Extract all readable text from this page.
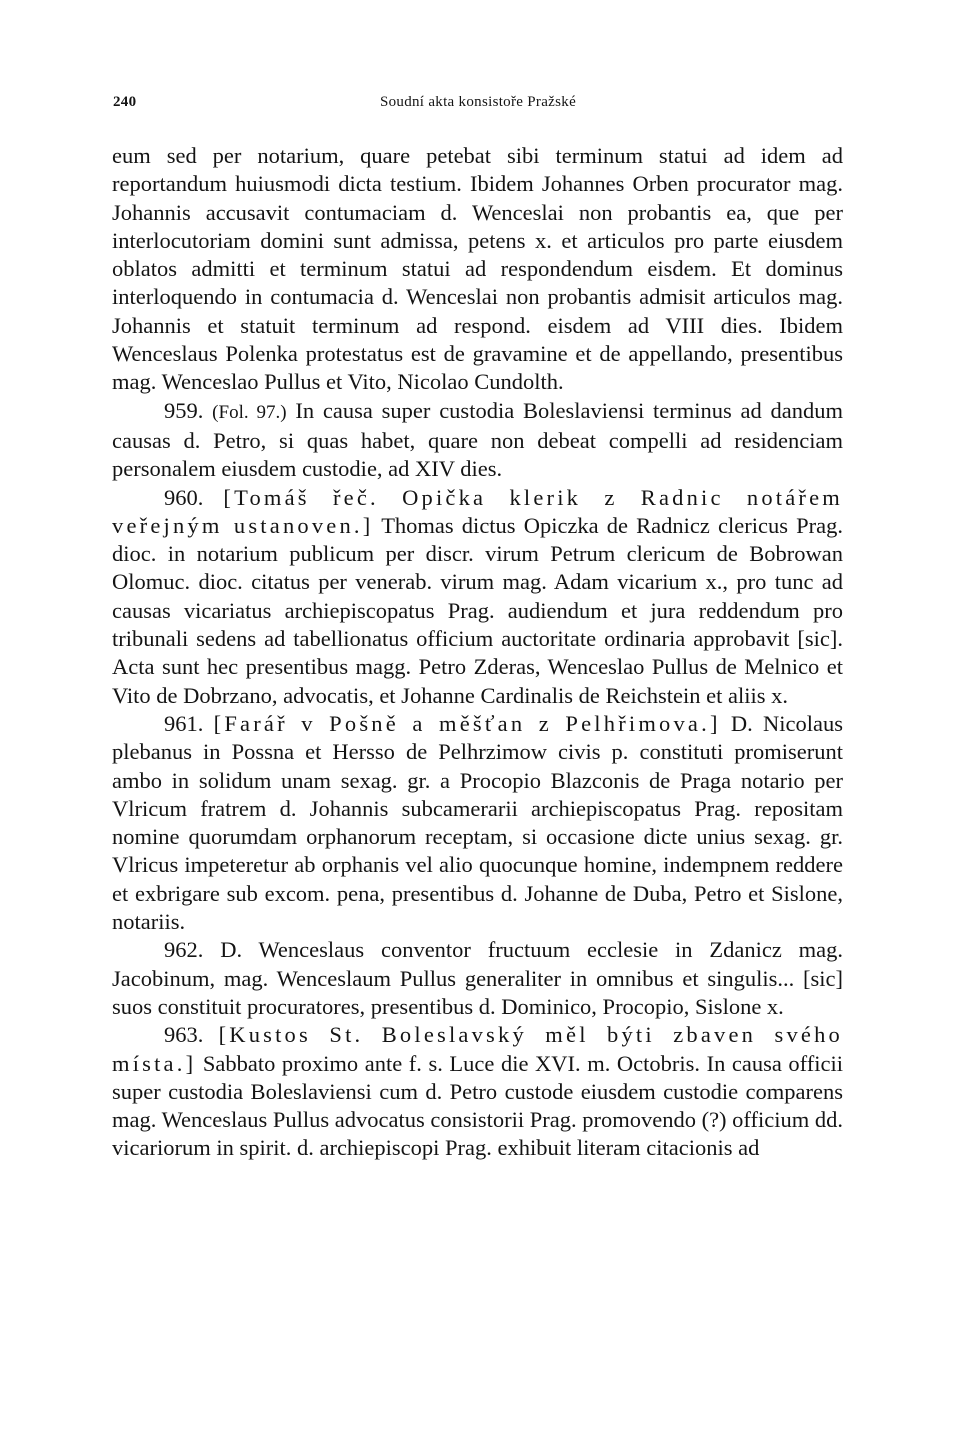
240	Soudní akta konsistoře Pražské

eum sed per notarium, quare petebat sibi terminum statui ad idem ad reportandum huiusmodi dicta testium. Ibidem Johannes Orben procurator mag. Johannis accusavit contumaciam d. Wenceslai non probantis ea, que per interlocutoriam domini sunt admissa, petens x. et articulos pro parte eiusdem oblatos admitti et terminum statui ad respondendum eisdem. Et dominus interloquendo in contumacia d. Wenceslai non probantis admisit articulos mag. Johannis et statuit terminum ad respond. eisdem ad VIII dies. Ibidem Wenceslaus Polenka protestatus est de gravamine et de appellando, presentibus mag. Wenceslao Pullus et Vito, Nicolao Cundolth.

959. (Fol. 97.) In causa super custodia Boleslaviensi terminus ad dandum causas d. Petro, si quas habet, quare non debeat compelli ad residenciam personalem eiusdem custodie, ad XIV dies.

960. [Tomáš řeč. Opička klerik z Radnic notářem veřejným ustanoven.] Thomas dictus Opiczka de Radnicz clericus Prag. dioc. in notarium publicum per discr. virum Petrum clericum de Bobrowan Olomuc. dioc. citatus per venerab. virum mag. Adam vicarium x., pro tunc ad causas vicariatus archiepiscopatus Prag. audiendum et jura reddendum pro tribunali sedens ad tabellionatus officium auctoritate ordinaria approbavit [sic]. Acta sunt hec presentibus magg. Petro Zderas, Wenceslao Pullus de Melnico et Vito de Dobrzano, advocatis, et Johanne Cardinalis de Reichstein et aliis x.

961. [Farář v Pošně a měšťan z Pelhřimova.] D. Nicolaus plebanus in Possna et Hersso de Pelhrzimow civis p. constituti promiserunt ambo in solidum unam sexag. gr. a Procopio Blazconis de Praga notario per Vlricum fratrem d. Johannis subcamerarii archiepiscopatus Prag. repositam nomine quorumdam orphanorum receptam, si occasione dicte unius sexag. gr. Vlricus impeteretur ab orphanis vel alio quocunque homine, indempnem reddere et exbrigare sub excom. pena, presentibus d. Johanne de Duba, Petro et Sislone, notariis.

962. D. Wenceslaus conventor fructuum ecclesie in Zdanicz mag. Jacobinum, mag. Wenceslaum Pullus generaliter in omnibus et singulis... [sic] suos constituit procuratores, presentibus d. Dominico, Procopio, Sislone x.

963. [Kustos St. Boleslavský měl býti zbaven svého místa.] Sabbato proximo ante f. s. Luce die XVI. m. Octobris. In causa officii super custodia Boleslaviensi cum d. Petro custode eiusdem custodie comparens mag. Wenceslaus Pullus advocatus consistorii Prag. promovendo (?) officium dd. vicariorum in spirit. d. archiepiscopi Prag. exhibuit literam citacionis ad
